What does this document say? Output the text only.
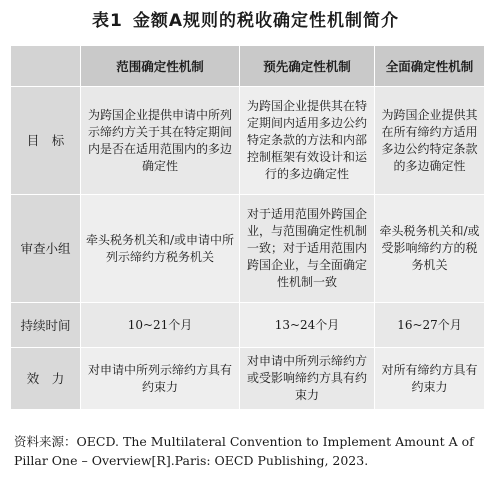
表1 金额A规则的税收确定性机制简介
	范围确定性机制	预先确定性机制	全面确定性机制
目　标	为跨国企业提供申请中所列示缔约方关于其在特定期间内是否在适用范围内的多边确定性	为跨国企业提供其在特定期间内适用多边公约特定条款的方法和内部控制框架有效设计和运行的多边确定性	为跨国企业提供其在所有缔约方适用多边公约特定条款的多边确定性
审查小组	牵头税务机关和/或申请中所列示缔约方税务机关	对于适用范围外跨国企业，与范围确定性机制一致；对于适用范围内跨国企业，与全面确定性机制一致	牵头税务机关和/或受影响缔约方的税务机关
持续时间	10~21个月	13~24个月	16~27个月
效　力	对申请中所列示缔约方具有约束力	对申请中所列示缔约方或受影响缔约方具有约束力	对所有缔约方具有约束力
资料来源：OECD. The Multilateral Convention to Implement Amount A of Pillar One – Overview[R].Paris: OECD Publishing, 2023.
